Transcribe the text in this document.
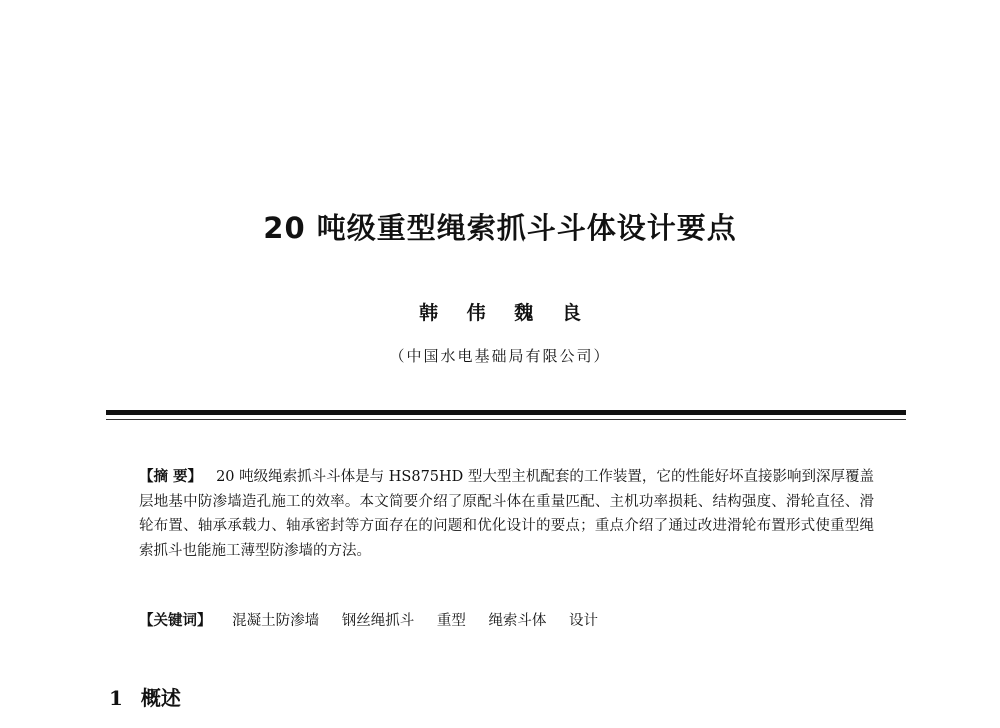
20 吨级重型绳索抓斗斗体设计要点
韩 伟 魏 良
（中国水电基础局有限公司）
【摘 要】 20 吨级绳索抓斗斗体是与 HS875HD 型大型主机配套的工作装置，它的性能好坏直接影响到深厚覆盖层地基中防渗墙造孔施工的效率。本文简要介绍了原配斗体在重量匹配、主机功率损耗、结构强度、滑轮直径、滑轮布置、轴承承载力、轴承密封等方面存在的问题和优化设计的要点；重点介绍了通过改进滑轮布置形式使重型绳索抓斗也能施工薄型防渗墙的方法。
【关键词】 混凝土防渗墙 钢丝绳抓斗 重型 绳索斗体 设计
1 概述
